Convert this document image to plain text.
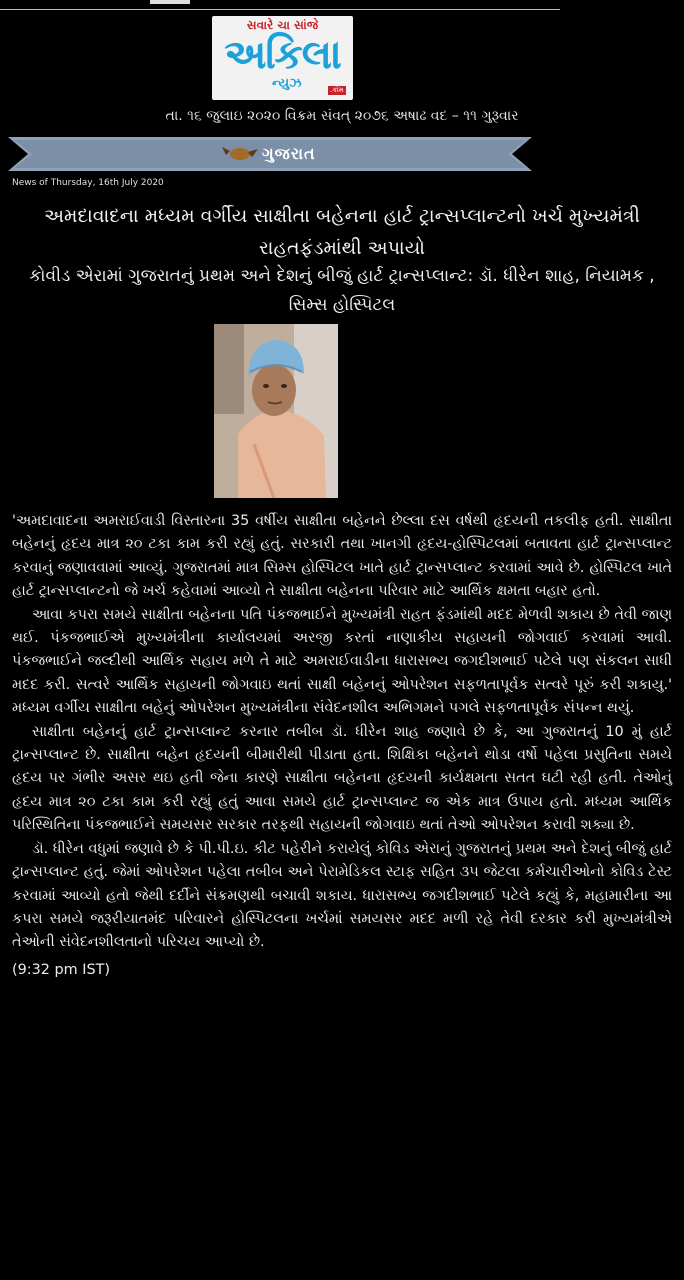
સવારે ચા સાંજે
અકિલા
ન્યુઝ	.કોમ
તા. ૧૬ જુલાઇ ૨૦૨૦ વિક્રમ સંવત્ ૨૦૭૬ અષાઢ વદ – ૧૧ ગુરૂવાર
ગુજરાત
News of Thursday, 16th July 2020
અમદાવાદના મધ્યમ વર્ગીય સાક્ષીતા બહેનના હાર્ટ ટ્રાન્સપ્લાન્ટનો ખર્ચ મુખ્યમંત્રી રાહતફંડમાંથી અપાયો
કોવીડ એરામાં ગુજરાતનું પ્રથમ અને દેશનું બીજું હાર્ટ ટ્રાન્સપ્લાન્ટ: ડૉ. ધીરેન શાહ, નિયામક , સિમ્સ હોસ્પિટલ

'અમદાવાદના અમરાઈવાડી વિસ્તારના 35 વર્ષીય સાક્ષીતા બહેનને છેલ્લા દસ વર્ષથી હૃદયની તકલીફ હતી. સાક્ષીતા બહેનનું હૃદય માત્ર ૨૦ ટકા કામ કરી રહ્યું હતું. સરકારી તથા ખાનગી હૃદય-હોસ્પિટલમાં બતાવતા હાર્ટ ટ્રાન્સપ્લાન્ટ કરવાનું જણાવવામાં આવ્યું. ગુજરાતમાં માત્ર સિમ્સ હોસ્પિટલ ખાતે હાર્ટ ટ્રાન્સપ્લાન્ટ કરવામાં આવે છે. હોસ્પિટલ ખાતે હાર્ટ ટ્રાન્સપ્લાન્ટનો જે ખર્ચ કહેવામાં આવ્યો તે સાક્ષીતા બહેનના પરિવાર માટે આર્થિક ક્ષમતા બહાર હતો.

આવા કપરા સમયે સાક્ષીતા બહેનના પતિ પંકજભાઈને મુખ્યમંત્રી રાહત ફંડમાંથી મદદ મેળવી શકાય છે તેવી જાણ થઈ. પંકજભાઈએ મુખ્યમંત્રીના કાર્યાલયમાં અરજી કરતાં નાણાકીય સહાયની જોગવાઈ કરવામાં આવી. પંકજભાઈને જલ્દીથી આર્થિક સહાય મળે તે માટે અમરાઈવાડીના ધારાસભ્ય જગદીશભાઈ પટેલે પણ સંકલન સાધી મદદ કરી. સત્વરે આર્થિક સહાયની જોગવાઇ થતાં સાક્ષી બહેનનું ઓપરેશન સફળતાપૂર્વક સત્વરે પૂરું કરી શકાયુ.' મધ્યમ વર્ગીય સાક્ષીતા બહેનું ઓપરેશન મુખ્યમંત્રીના સંવેદનશીલ અભિગમને પગલે સફળતાપૂર્વક સંપન્ન થયું.

સાક્ષીતા બહેનનું હાર્ટ ટ્રાન્સપ્લાન્ટ કરનાર તબીબ ડૉ. ધીરેન શાહ જણાવે છે કે, આ ગુજરાતનું 10 મું હાર્ટ ટ્રાન્સપ્લાન્ટ છે. સાક્ષીતા બહેન હૃદયની બીમારીથી પીડાતા હતા. શિક્ષિકા બહેનને થોડા વર્ષો પહેલા પ્રસુતિના સમયે હૃદય પર ગંભીર અસર થઇ હતી જેના કારણે સાક્ષીતા બહેનના હૃદયની કાર્યક્ષમતા સતત ઘટી રહી હતી. તેઓનું હૃદય માત્ર ૨૦ ટકા કામ કરી રહ્યું હતું આવા સમયે હાર્ટ ટ્રાન્સપ્લાન્ટ જ એક માત્ર ઉપાય હતો. મધ્યમ આર્થિક પરિસ્થિતિના પંકજભાઈને સમયસર સરકાર તરફથી સહાયની જોગવાઇ થતાં તેઓ ઓપરેશન કરાવી શક્યા છે.

ડૉ. ધીરેન વધુમાં જણાવે છે કે પી.પી.ઇ. કીટ પહેરીને કરાયેલું કોવિડ એરાનું ગુજરાતનું પ્રથમ અને દેશનું બીજું હાર્ટ ટ્રાન્સપ્લાન્ટ હતું. જેમાં ઓપરેશન પહેલા તબીબ અને પેરામેડિકલ સ્ટાફ સહિત ૩૫ જેટલા કર્મચારીઓનો કોવિડ ટેસ્ટ કરવામાં આવ્યો હતો જેથી દર્દીને સંક્રમણથી બચાવી શકાય. ધારાસભ્ય જગદીશભાઈ પટેલે કહ્યું કે, મહામારીના આ કપરા સમયે જરૂરીયાતમંદ પરિવારને હોસ્પિટલના ખર્ચમાં સમયસર મદદ મળી રહે તેવી દરકાર કરી મુખ્યમંત્રીએ તેઓની સંવેદનશીલતાનો પરિચય આપ્યો છે.

(9:32 pm IST)
